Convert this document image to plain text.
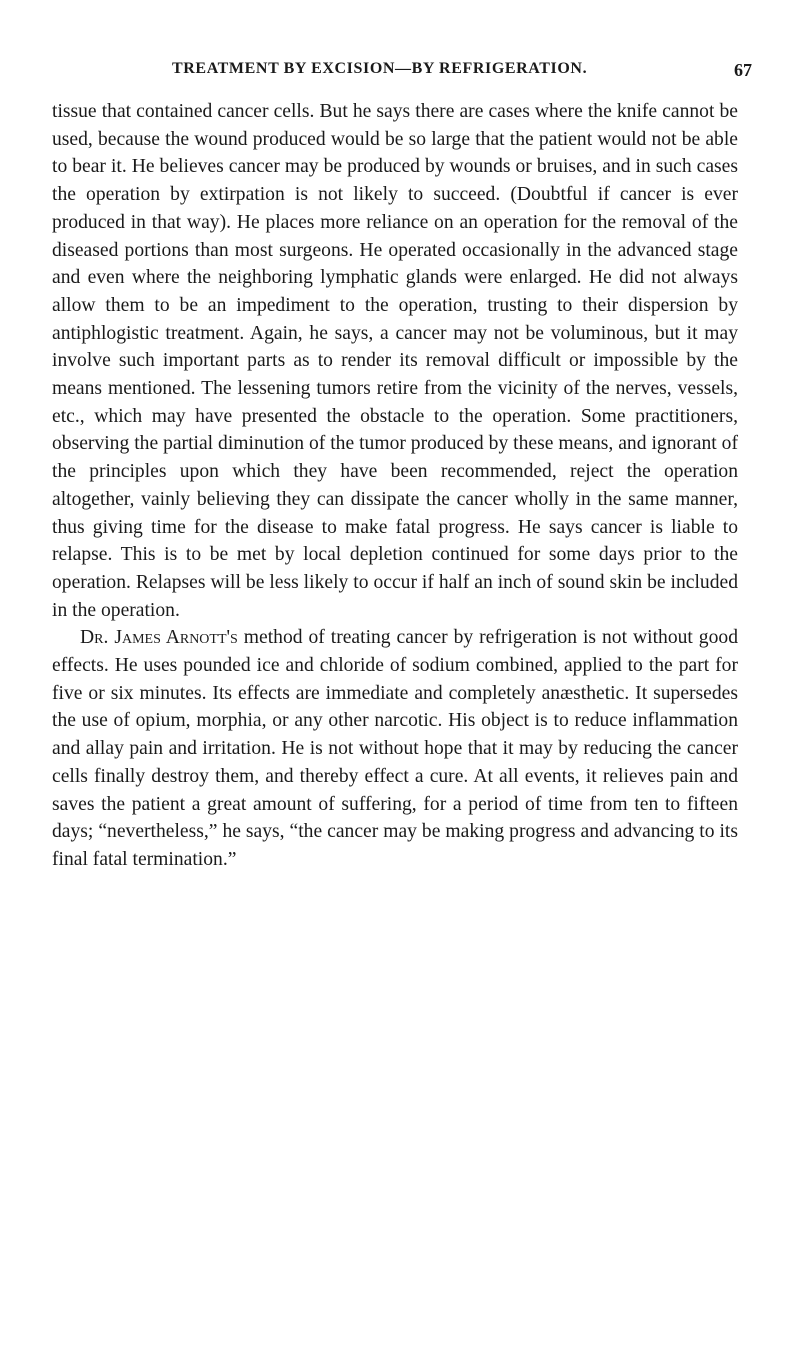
TREATMENT BY EXCISION—BY REFRIGERATION.	67

tissue that contained cancer cells. But he says there are cases where the knife cannot be used, because the wound produced would be so large that the patient would not be able to bear it. He believes cancer may be produced by wounds or bruises, and in such cases the operation by extirpation is not likely to succeed. (Doubtful if cancer is ever produced in that way). He places more reliance on an operation for the removal of the diseased portions than most surgeons. He operated occasionally in the advanced stage and even where the neighboring lymphatic glands were enlarged. He did not always allow them to be an impediment to the operation, trusting to their dispersion by antiphlogistic treatment. Again, he says, a cancer may not be voluminous, but it may involve such important parts as to render its removal difficult or impossible by the means mentioned. The lessening tumors retire from the vicinity of the nerves, vessels, etc., which may have presented the obstacle to the operation. Some practitioners, observing the partial diminution of the tumor produced by these means, and ignorant of the principles upon which they have been recommended, reject the operation altogether, vainly believing they can dissipate the cancer wholly in the same manner, thus giving time for the disease to make fatal progress. He says cancer is liable to relapse. This is to be met by local depletion continued for some days prior to the operation. Relapses will be less likely to occur if half an inch of sound skin be included in the operation.

Dr. James Arnott's method of treating cancer by refrigeration is not without good effects. He uses pounded ice and chloride of sodium combined, applied to the part for five or six minutes. Its effects are immediate and completely anæsthetic. It supersedes the use of opium, morphia, or any other narcotic. His object is to reduce inflammation and allay pain and irritation. He is not without hope that it may by reducing the cancer cells finally destroy them, and thereby effect a cure. At all events, it relieves pain and saves the patient a great amount of suffering, for a period of time from ten to fifteen days; “nevertheless,” he says, “the cancer may be making progress and advancing to its final fatal termination.”
